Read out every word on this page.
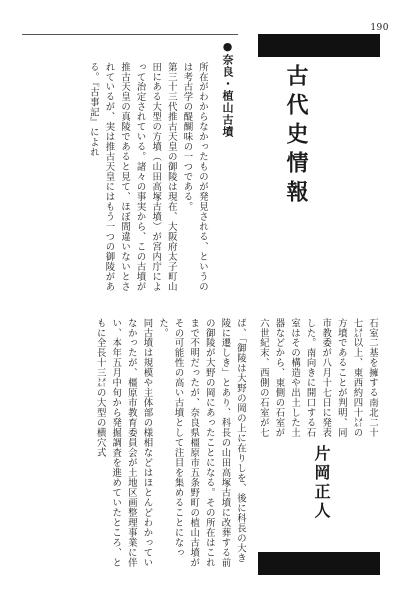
190
古代史情報
●奈良・植山古墳

所在がわからなかったものが発見される、というのは考古学の醍醐味の一つである。

第三十三代推古天皇の御陵は現在、大阪府太子町山田にある大型の方墳（山田高塚古墳）が宮内庁によって治定されている。諸々の事実から、この古墳が推古天皇の真陵であると見て、ほぼ間違いないとされているが、実は推古天皇にはもう一つの御陵がある。『古事記』によれ

ば、「御陵は大野の岡の上に在りしを、後に科長の大き陵に遷しき」とあり、科長の山田高塚古墳に改葬する前の御陵が大野の岡にあったことになる。その所在はこれまで不明だったが、奈良県橿原市五条野町の植山古墳がその可能性の高い古墳として注目を集めることになった。

同古墳は規模や主体部の様相などはほとんどわかっていなかったが、橿原市教育委員会が土地区画整理事業に伴い、本年五月中旬から発掘調査を進めていたところ、ともに全長十三㍍の大型の横穴式	石室二基を擁する南北二十七㍍以上、東西約四十㍍の方墳であることが判明、同市教委が八月十七日に発表した。南向きに開口する石室はその構造や出土した土器などから、東側の石室が六世紀末、西側の石室が七

片岡正人
